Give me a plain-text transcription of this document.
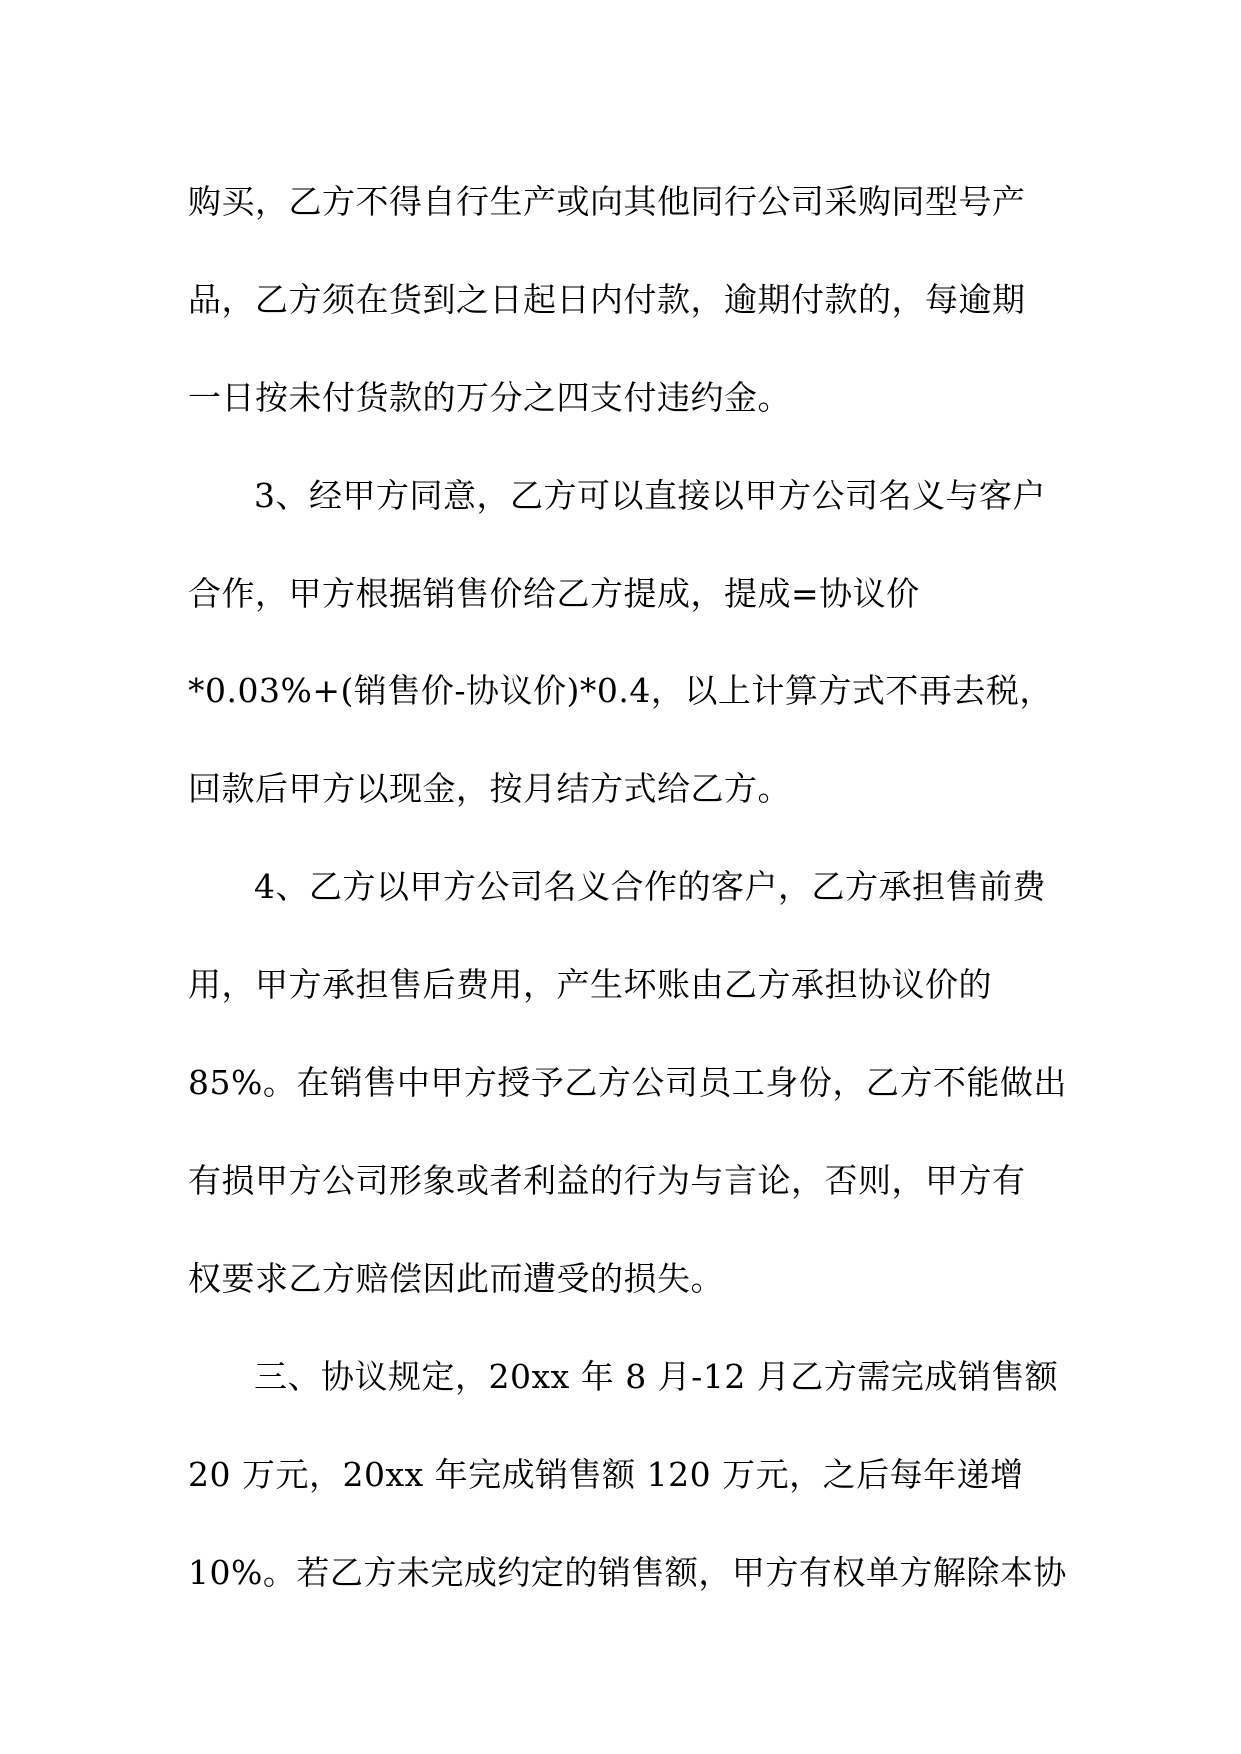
购买，乙方不得自行生产或向其他同行公司采购同型号产
品，乙方须在货到之日起日内付款，逾期付款的，每逾期
一日按未付货款的万分之四支付违约金。
3、经甲方同意，乙方可以直接以甲方公司名义与客户
合作，甲方根据销售价给乙方提成，提成=协议价
*0.03%+(销售价-协议价)*0.4，以上计算方式不再去税，
回款后甲方以现金，按月结方式给乙方。
4、乙方以甲方公司名义合作的客户，乙方承担售前费
用，甲方承担售后费用，产生坏账由乙方承担协议价的
85%。在销售中甲方授予乙方公司员工身份，乙方不能做出
有损甲方公司形象或者利益的行为与言论，否则，甲方有
权要求乙方赔偿因此而遭受的损失。
三、协议规定，20xx 年 8 月-12 月乙方需完成销售额
20 万元，20xx 年完成销售额 120 万元，之后每年递增
10%。若乙方未完成约定的销售额，甲方有权单方解除本协
